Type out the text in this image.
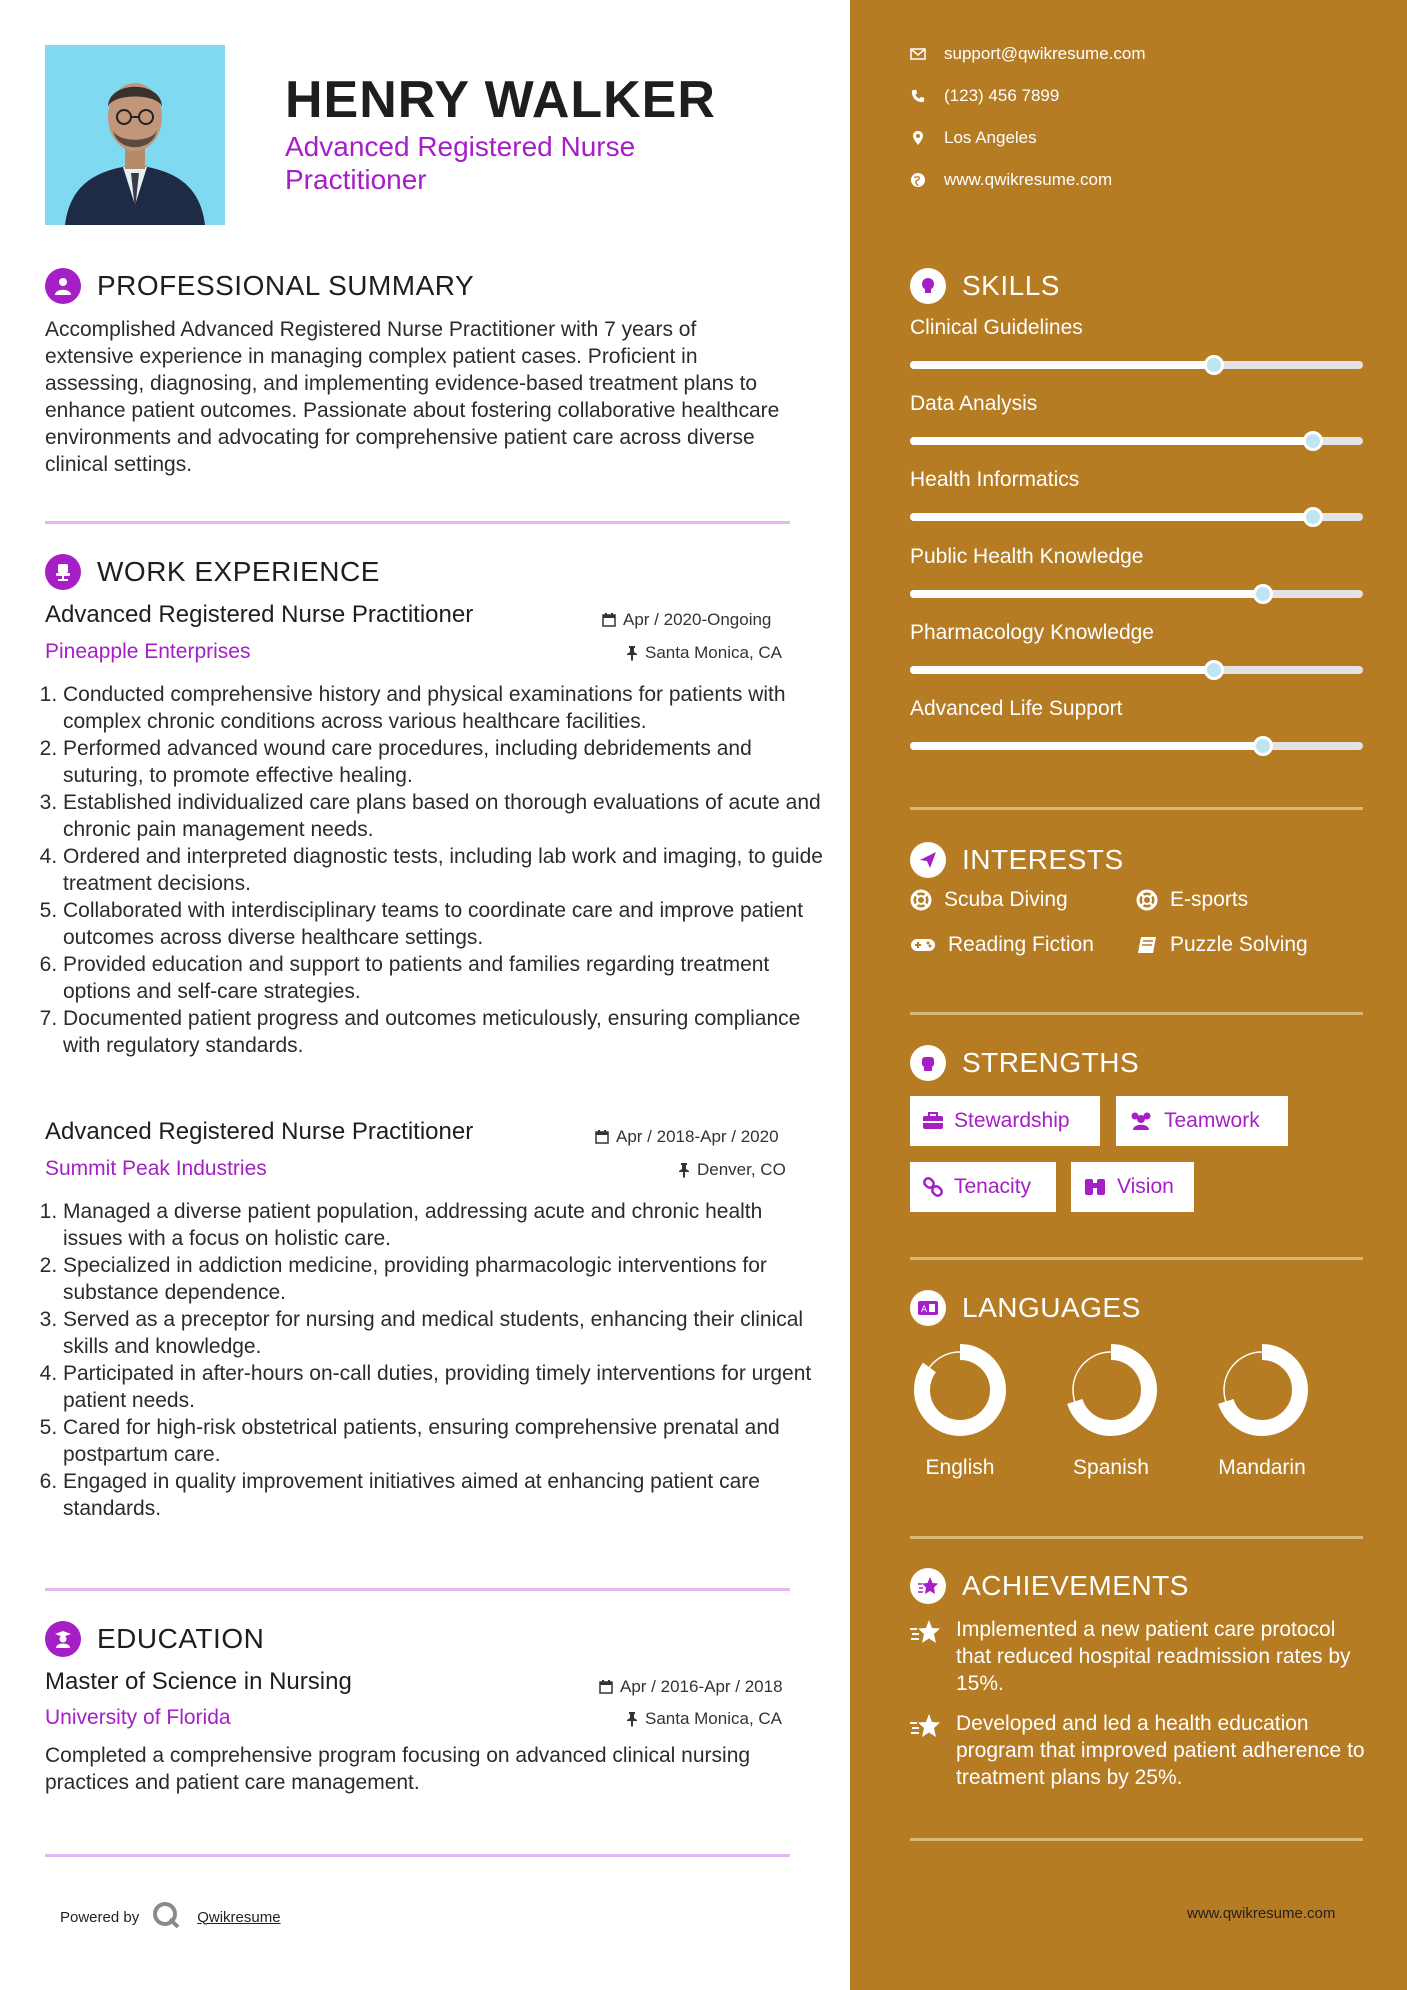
HENRY WALKER
Advanced Registered Nurse Practitioner
PROFESSIONAL SUMMARY

Accomplished Advanced Registered Nurse Practitioner with 7 years of extensive experience in managing complex patient cases. Proficient in assessing, diagnosing, and implementing evidence-based treatment plans to enhance patient outcomes. Passionate about fostering collaborative healthcare environments and advocating for comprehensive patient care across diverse clinical settings.

WORK EXPERIENCE
Advanced Registered Nurse Practitioner	Apr / 2020-Ongoing
Pineapple Enterprises	Santa Monica, CA
1. Conducted comprehensive history and physical examinations for patients with complex chronic conditions across various healthcare facilities.
2. Performed advanced wound care procedures, including debridements and suturing, to promote effective healing.
3. Established individualized care plans based on thorough evaluations of acute and chronic pain management needs.
4. Ordered and interpreted diagnostic tests, including lab work and imaging, to guide treatment decisions.
5. Collaborated with interdisciplinary teams to coordinate care and improve patient outcomes across diverse healthcare settings.
6. Provided education and support to patients and families regarding treatment options and self-care strategies.
7. Documented patient progress and outcomes meticulously, ensuring compliance with regulatory standards.
Advanced Registered Nurse Practitioner	Apr / 2018-Apr / 2020
Summit Peak Industries	Denver, CO
1. Managed a diverse patient population, addressing acute and chronic health issues with a focus on holistic care.
2. Specialized in addiction medicine, providing pharmacologic interventions for substance dependence.
3. Served as a preceptor for nursing and medical students, enhancing their clinical skills and knowledge.
4. Participated in after-hours on-call duties, providing timely interventions for urgent patient needs.
5. Cared for high-risk obstetrical patients, ensuring comprehensive prenatal and postpartum care.
6. Engaged in quality improvement initiatives aimed at enhancing patient care standards.
EDUCATION
Master of Science in Nursing	Apr / 2016-Apr / 2018
University of Florida	Santa Monica, CA

Completed a comprehensive program focusing on advanced clinical nursing practices and patient care management.

Powered by	Qwikresume
support@qwikresume.com
(123) 456 7899
Los Angeles
www.qwikresume.com
SKILLS
Clinical Guidelines
Data Analysis
Health Informatics
Public Health Knowledge
Pharmacology Knowledge
Advanced Life Support
INTERESTS
Scuba Diving	E-sports
Reading Fiction	Puzzle Solving
STRENGTHS
Stewardship	Teamwork
Tenacity	Vision
A LANGUAGES
English	Spanish	Mandarin
ACHIEVEMENTS

Implemented a new patient care protocol that reduced hospital readmission rates by 15%.

Developed and led a health education program that improved patient adherence to treatment plans by 25%.

www.qwikresume.com
